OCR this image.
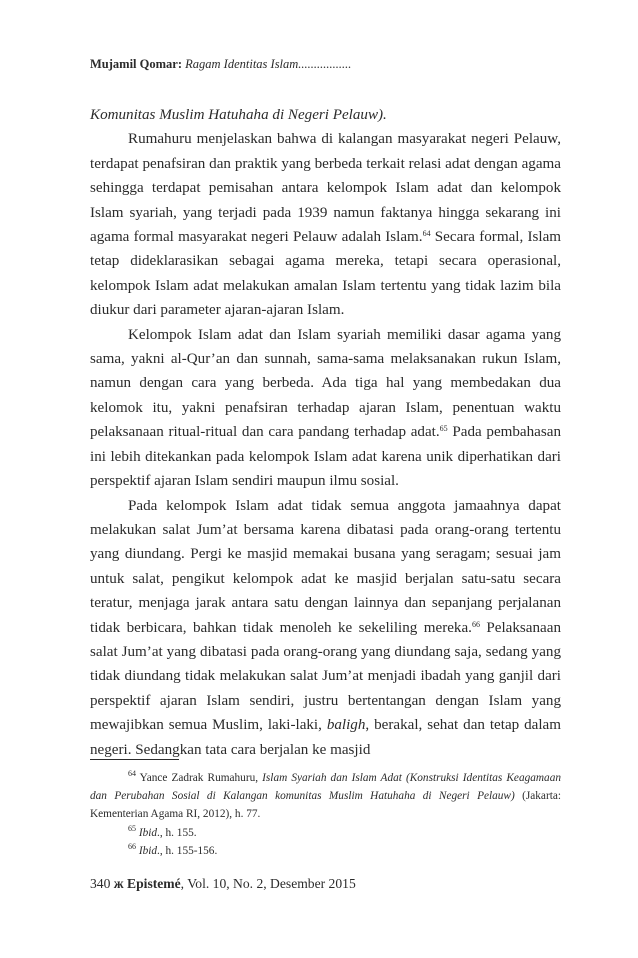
Mujamil Qomar: Ragam Identitas Islam.................

Komunitas Muslim Hatuhaha di Negeri Pelauw).

Rumahuru menjelaskan bahwa di kalangan masyarakat negeri Pelauw, terdapat penafsiran dan praktik yang berbeda terkait relasi adat dengan agama sehingga terdapat pemisahan antara kelompok Islam adat dan kelompok Islam syariah, yang terjadi pada 1939 namun faktanya hingga sekarang ini agama formal masyarakat negeri Pelauw adalah Islam.$^{64}$ Secara formal, Islam tetap dideklarasikan sebagai agama mereka, tetapi secara operasional, kelompok Islam adat melakukan amalan Islam tertentu yang tidak lazim bila diukur dari parameter ajaran-ajaran Islam.

Kelompok Islam adat dan Islam syariah memiliki dasar agama yang sama, yakni al-Qur’an dan sunnah, sama-sama melaksanakan rukun Islam, namun dengan cara yang berbeda. Ada tiga hal yang membedakan dua kelomok itu, yakni penafsiran terhadap ajaran Islam, penentuan waktu pelaksanaan ritual-ritual dan cara pandang terhadap adat.$^{65}$ Pada pembahasan ini lebih ditekankan pada kelompok Islam adat karena unik diperhatikan dari perspektif ajaran Islam sendiri maupun ilmu sosial.

Pada kelompok Islam adat tidak semua anggota jamaahnya dapat melakukan salat Jum’at bersama karena dibatasi pada orang-orang tertentu yang diundang. Pergi ke masjid memakai busana yang seragam; sesuai jam untuk salat, pengikut kelompok adat ke masjid berjalan satu-satu secara teratur, menjaga jarak antara satu dengan lainnya dan sepanjang perjalanan tidak berbicara, bahkan tidak menoleh ke sekeliling mereka.$^{66}$ Pelaksanaan salat Jum’at yang dibatasi pada orang-orang yang diundang saja, sedang yang tidak diundang tidak melakukan salat Jum’at menjadi ibadah yang ganjil dari perspektif ajaran Islam sendiri, justru bertentangan dengan Islam yang mewajibkan semua Muslim, laki-laki, baligh, berakal, sehat dan tetap dalam negeri. Sedangkan tata cara berjalan ke masjid

$^{64}$ Yance Zadrak Rumahuru, Islam Syariah dan Islam Adat (Konstruksi Identitas Keagamaan dan Perubahan Sosial di Kalangan komunitas Muslim Hatuhaha di Negeri Pelauw) (Jakarta: Kementerian Agama RI, 2012), h. 77.

$^{65}$ Ibid., h. 155.

$^{66}$ Ibid., h. 155-156.

340 ж Epistemé, Vol. 10, No. 2, Desember 2015
